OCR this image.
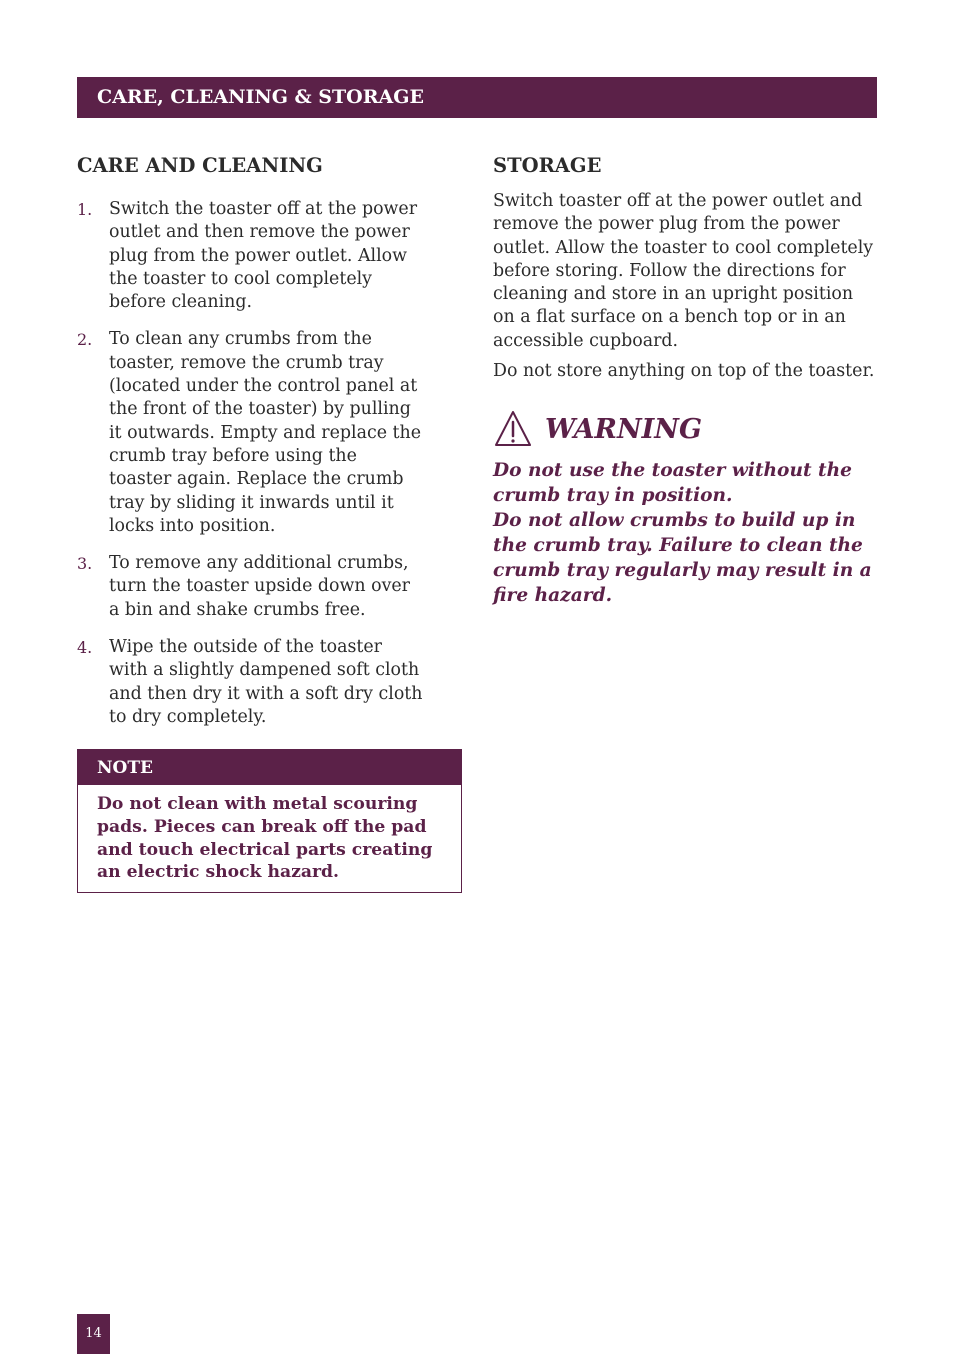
CARE, CLEANING & STORAGE
CARE AND CLEANING
1. Switch the toaster off at the power outlet and then remove the power plug from the power outlet. Allow the toaster to cool completely before cleaning.
2. To clean any crumbs from the toaster, remove the crumb tray (located under the control panel at the front of the toaster) by pulling it outwards. Empty and replace the crumb tray before using the toaster again. Replace the crumb tray by sliding it inwards until it locks into position.
3. To remove any additional crumbs, turn the toaster upside down over a bin and shake crumbs free.
4. Wipe the outside of the toaster with a slightly dampened soft cloth and then dry it with a soft dry cloth to dry completely.
NOTE
Do not clean with metal scouring pads. Pieces can break off the pad and touch electrical parts creating an electric shock hazard.
STORAGE

Switch toaster off at the power outlet and remove the power plug from the power outlet. Allow the toaster to cool completely before storing. Follow the directions for cleaning and store in an upright position on a flat surface on a bench top or in an accessible cupboard.

Do not store anything on top of the toaster.

WARNING
Do not use the toaster without the crumb tray in position.
Do not allow crumbs to build up in the crumb tray. Failure to clean the crumb tray regularly may result in a fire hazard.
14
